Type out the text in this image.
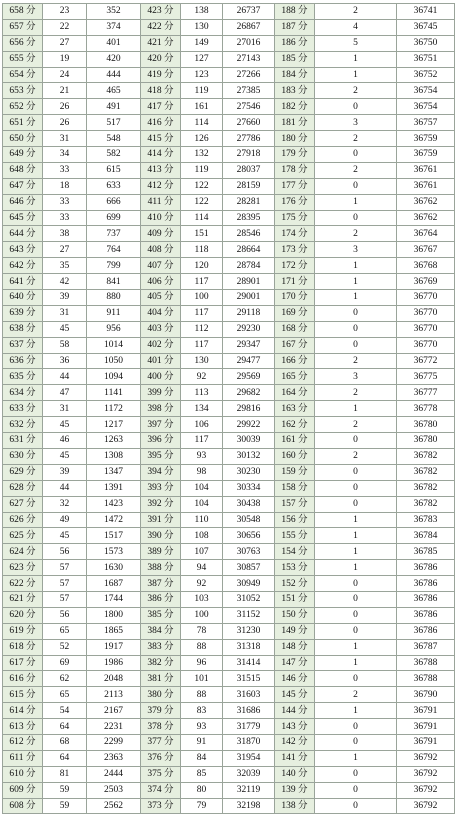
658 分	23	352	423 分	138	26737	188 分	2	36741
657 分	22	374	422 分	130	26867	187 分	4	36745
656 分	27	401	421 分	149	27016	186 分	5	36750
655 分	19	420	420 分	127	27143	185 分	1	36751
654 分	24	444	419 分	123	27266	184 分	1	36752
653 分	21	465	418 分	119	27385	183 分	2	36754
652 分	26	491	417 分	161	27546	182 分	0	36754
651 分	26	517	416 分	114	27660	181 分	3	36757
650 分	31	548	415 分	126	27786	180 分	2	36759
649 分	34	582	414 分	132	27918	179 分	0	36759
648 分	33	615	413 分	119	28037	178 分	2	36761
647 分	18	633	412 分	122	28159	177 分	0	36761
646 分	33	666	411 分	122	28281	176 分	1	36762
645 分	33	699	410 分	114	28395	175 分	0	36762
644 分	38	737	409 分	151	28546	174 分	2	36764
643 分	27	764	408 分	118	28664	173 分	3	36767
642 分	35	799	407 分	120	28784	172 分	1	36768
641 分	42	841	406 分	117	28901	171 分	1	36769
640 分	39	880	405 分	100	29001	170 分	1	36770
639 分	31	911	404 分	117	29118	169 分	0	36770
638 分	45	956	403 分	112	29230	168 分	0	36770
637 分	58	1014	402 分	117	29347	167 分	0	36770
636 分	36	1050	401 分	130	29477	166 分	2	36772
635 分	44	1094	400 分	92	29569	165 分	3	36775
634 分	47	1141	399 分	113	29682	164 分	2	36777
633 分	31	1172	398 分	134	29816	163 分	1	36778
632 分	45	1217	397 分	106	29922	162 分	2	36780
631 分	46	1263	396 分	117	30039	161 分	0	36780
630 分	45	1308	395 分	93	30132	160 分	2	36782
629 分	39	1347	394 分	98	30230	159 分	0	36782
628 分	44	1391	393 分	104	30334	158 分	0	36782
627 分	32	1423	392 分	104	30438	157 分	0	36782
626 分	49	1472	391 分	110	30548	156 分	1	36783
625 分	45	1517	390 分	108	30656	155 分	1	36784
624 分	56	1573	389 分	107	30763	154 分	1	36785
623 分	57	1630	388 分	94	30857	153 分	1	36786
622 分	57	1687	387 分	92	30949	152 分	0	36786
621 分	57	1744	386 分	103	31052	151 分	0	36786
620 分	56	1800	385 分	100	31152	150 分	0	36786
619 分	65	1865	384 分	78	31230	149 分	0	36786
618 分	52	1917	383 分	88	31318	148 分	1	36787
617 分	69	1986	382 分	96	31414	147 分	1	36788
616 分	62	2048	381 分	101	31515	146 分	0	36788
615 分	65	2113	380 分	88	31603	145 分	2	36790
614 分	54	2167	379 分	83	31686	144 分	1	36791
613 分	64	2231	378 分	93	31779	143 分	0	36791
612 分	68	2299	377 分	91	31870	142 分	0	36791
611 分	64	2363	376 分	84	31954	141 分	1	36792
610 分	81	2444	375 分	85	32039	140 分	0	36792
609 分	59	2503	374 分	80	32119	139 分	0	36792
608 分	59	2562	373 分	79	32198	138 分	0	36792
